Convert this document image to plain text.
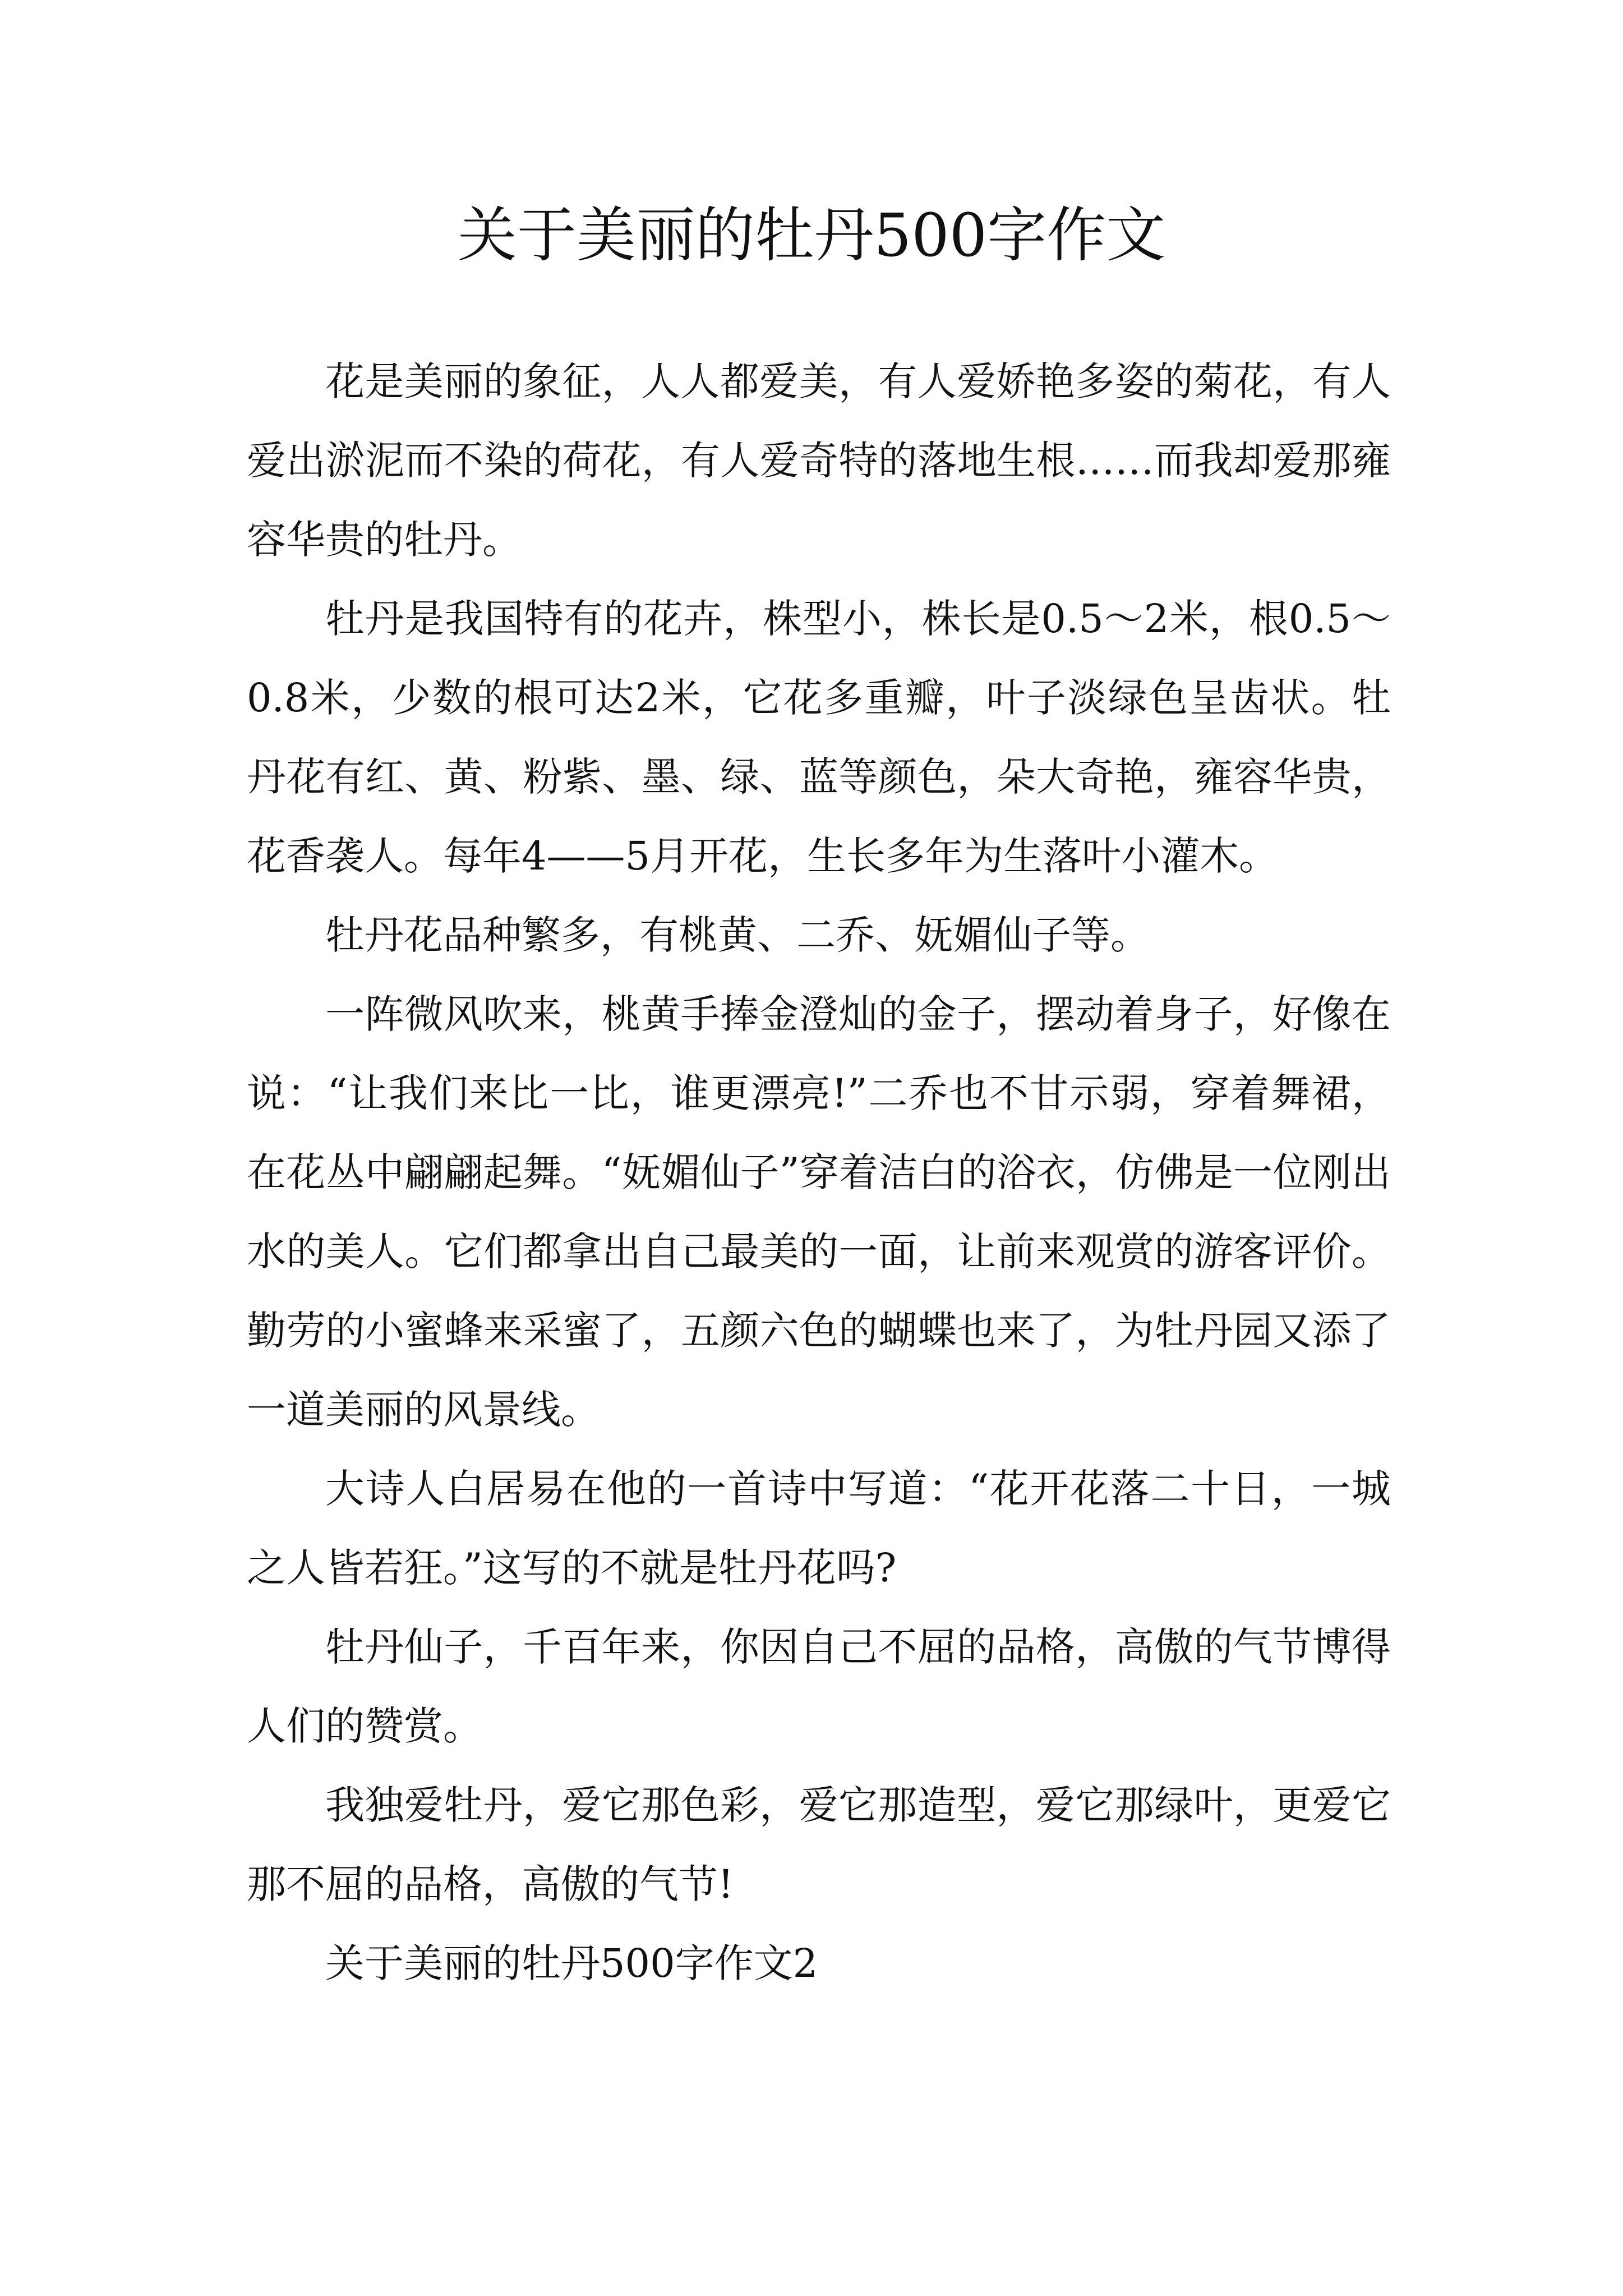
关于美丽的牡丹500字作文

花是美丽的象征，人人都爱美，有人爱娇艳多姿的菊花，有人爱出淤泥而不染的荷花，有人爱奇特的落地生根……而我却爱那雍容华贵的牡丹。

牡丹是我国特有的花卉，株型小，株长是0.5～2米，根0.5～0.8米，少数的根可达2米，它花多重瓣，叶子淡绿色呈齿状。牡丹花有红、黄、粉紫、墨、绿、蓝等颜色，朵大奇艳，雍容华贵，花香袭人。每年4——5月开花，生长多年为生落叶小灌木。

牡丹花品种繁多，有桃黄、二乔、妩媚仙子等。

一阵微风吹来，桃黄手捧金澄灿的金子，摆动着身子，好像在说：“让我们来比一比，谁更漂亮!”二乔也不甘示弱，穿着舞裙，在花丛中翩翩起舞。“妩媚仙子”穿着洁白的浴衣，仿佛是一位刚出水的美人。它们都拿出自己最美的一面，让前来观赏的游客评价。勤劳的小蜜蜂来采蜜了，五颜六色的蝴蝶也来了，为牡丹园又添了一道美丽的风景线。

大诗人白居易在他的一首诗中写道：“花开花落二十日，一城之人皆若狂。”这写的不就是牡丹花吗?

牡丹仙子，千百年来，你因自己不屈的品格，高傲的气节博得人们的赞赏。

我独爱牡丹，爱它那色彩，爱它那造型，爱它那绿叶，更爱它那不屈的品格，高傲的气节!

关于美丽的牡丹500字作文2
